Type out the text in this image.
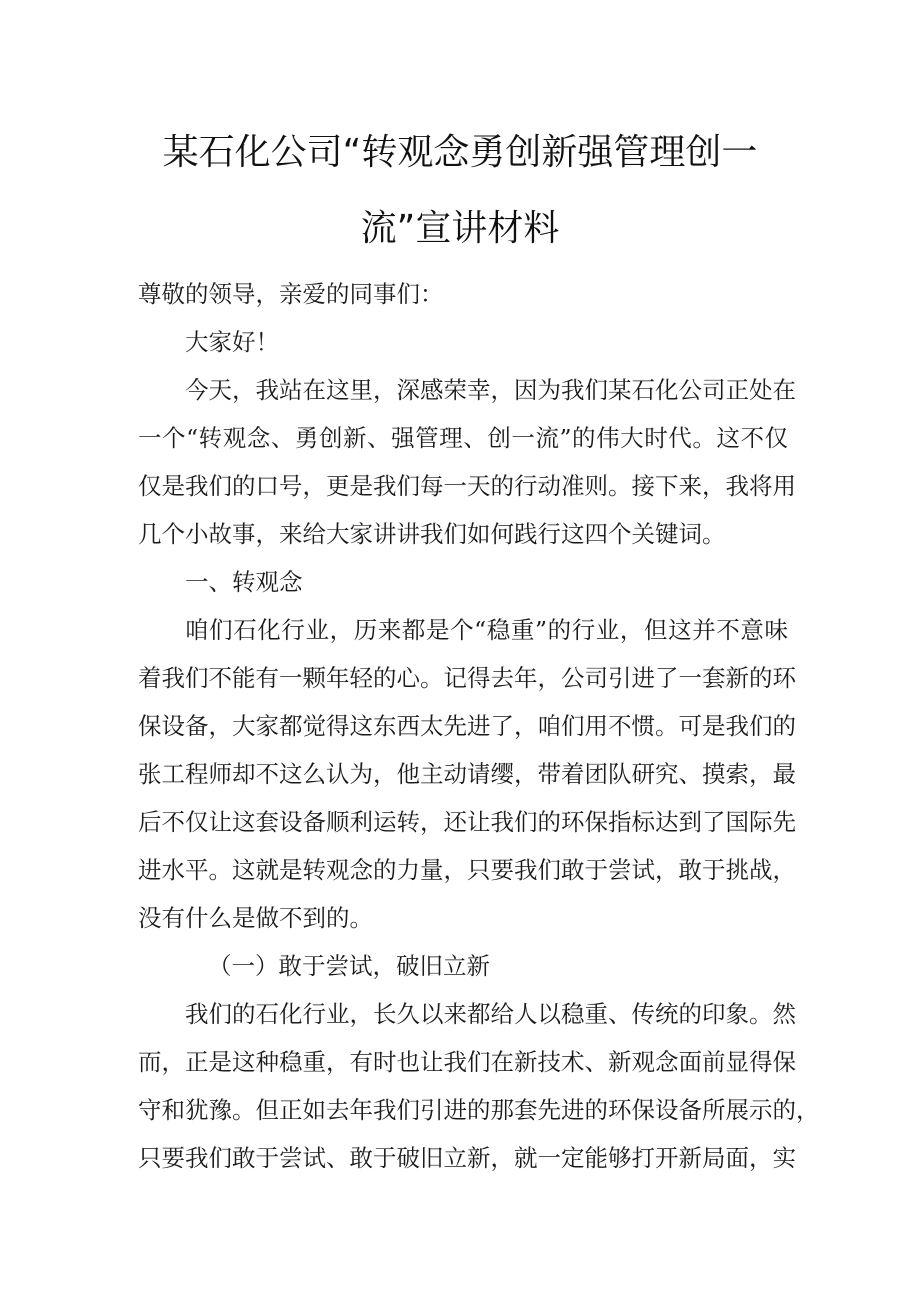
某石化公司“转观念勇创新强管理创一
流”宣讲材料
尊敬的领导，亲爱的同事们：
大家好！
今天，我站在这里，深感荣幸，因为我们某石化公司正处在
一个“转观念、勇创新、强管理、创一流”的伟大时代。这不仅
仅是我们的口号，更是我们每一天的行动准则。接下来，我将用
几个小故事，来给大家讲讲我们如何践行这四个关键词。
一、转观念
咱们石化行业，历来都是个“稳重”的行业，但这并不意味
着我们不能有一颗年轻的心。记得去年，公司引进了一套新的环
保设备，大家都觉得这东西太先进了，咱们用不惯。可是我们的
张工程师却不这么认为，他主动请缨，带着团队研究、摸索，最
后不仅让这套设备顺利运转，还让我们的环保指标达到了国际先
进水平。这就是转观念的力量，只要我们敢于尝试，敢于挑战，
没有什么是做不到的。
（一）敢于尝试，破旧立新
我们的石化行业，长久以来都给人以稳重、传统的印象。然
而，正是这种稳重，有时也让我们在新技术、新观念面前显得保
守和犹豫。但正如去年我们引进的那套先进的环保设备所展示的，
只要我们敢于尝试、敢于破旧立新，就一定能够打开新局面，实
